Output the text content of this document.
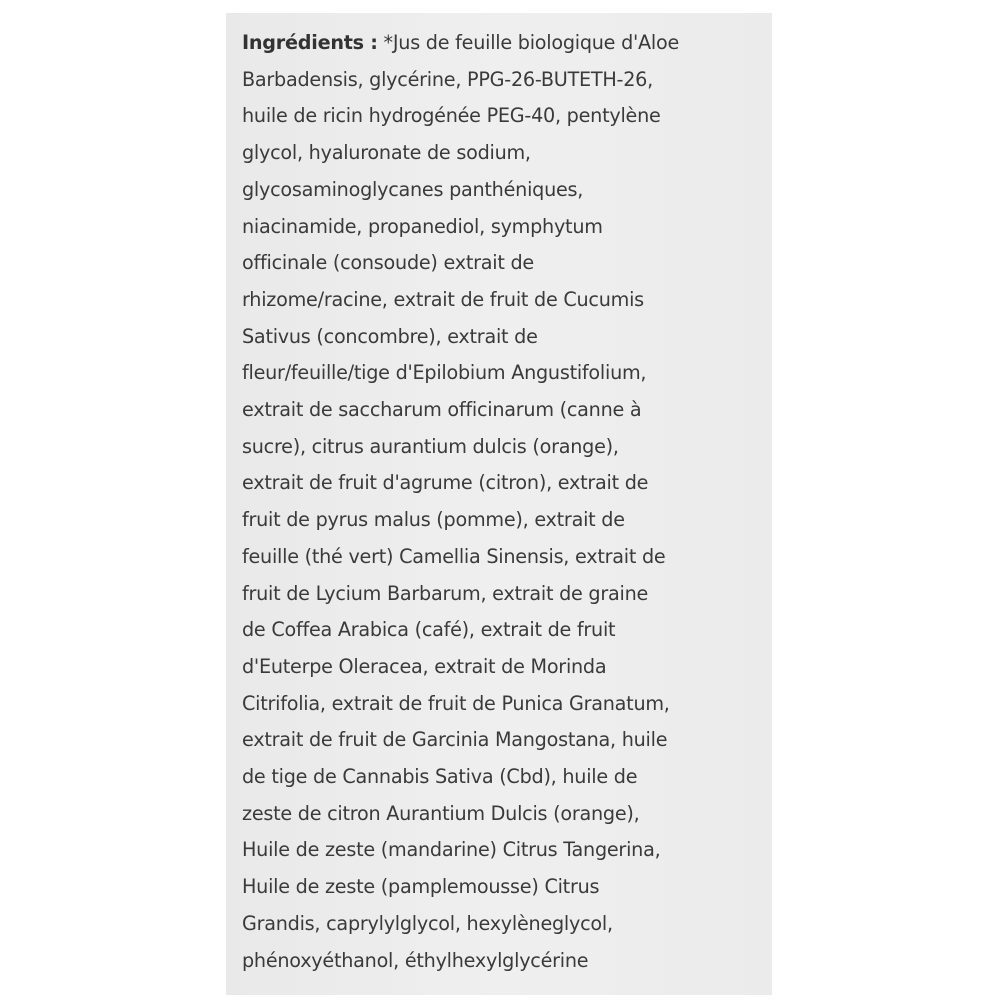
Ingrédients : *Jus de feuille biologique d'Aloe
Barbadensis, glycérine, PPG-26-BUTETH-26,
huile de ricin hydrogénée PEG-40, pentylène
glycol, hyaluronate de sodium,
glycosaminoglycanes panthéniques,
niacinamide, propanediol, symphytum
officinale (consoude) extrait de
rhizome/racine, extrait de fruit de Cucumis
Sativus (concombre), extrait de
fleur/feuille/tige d'Epilobium Angustifolium,
extrait de saccharum officinarum (canne à
sucre), citrus aurantium dulcis (orange),
extrait de fruit d'agrume (citron), extrait de
fruit de pyrus malus (pomme), extrait de
feuille (thé vert) Camellia Sinensis, extrait de
fruit de Lycium Barbarum, extrait de graine
de Coffea Arabica (café), extrait de fruit
d'Euterpe Oleracea, extrait de Morinda
Citrifolia, extrait de fruit de Punica Granatum,
extrait de fruit de Garcinia Mangostana, huile
de tige de Cannabis Sativa (Cbd), huile de
zeste de citron Aurantium Dulcis (orange),
Huile de zeste (mandarine) Citrus Tangerina,
Huile de zeste (pamplemousse) Citrus
Grandis, caprylylglycol, hexylèneglycol,
phénoxyéthanol, éthylhexylglycérine
